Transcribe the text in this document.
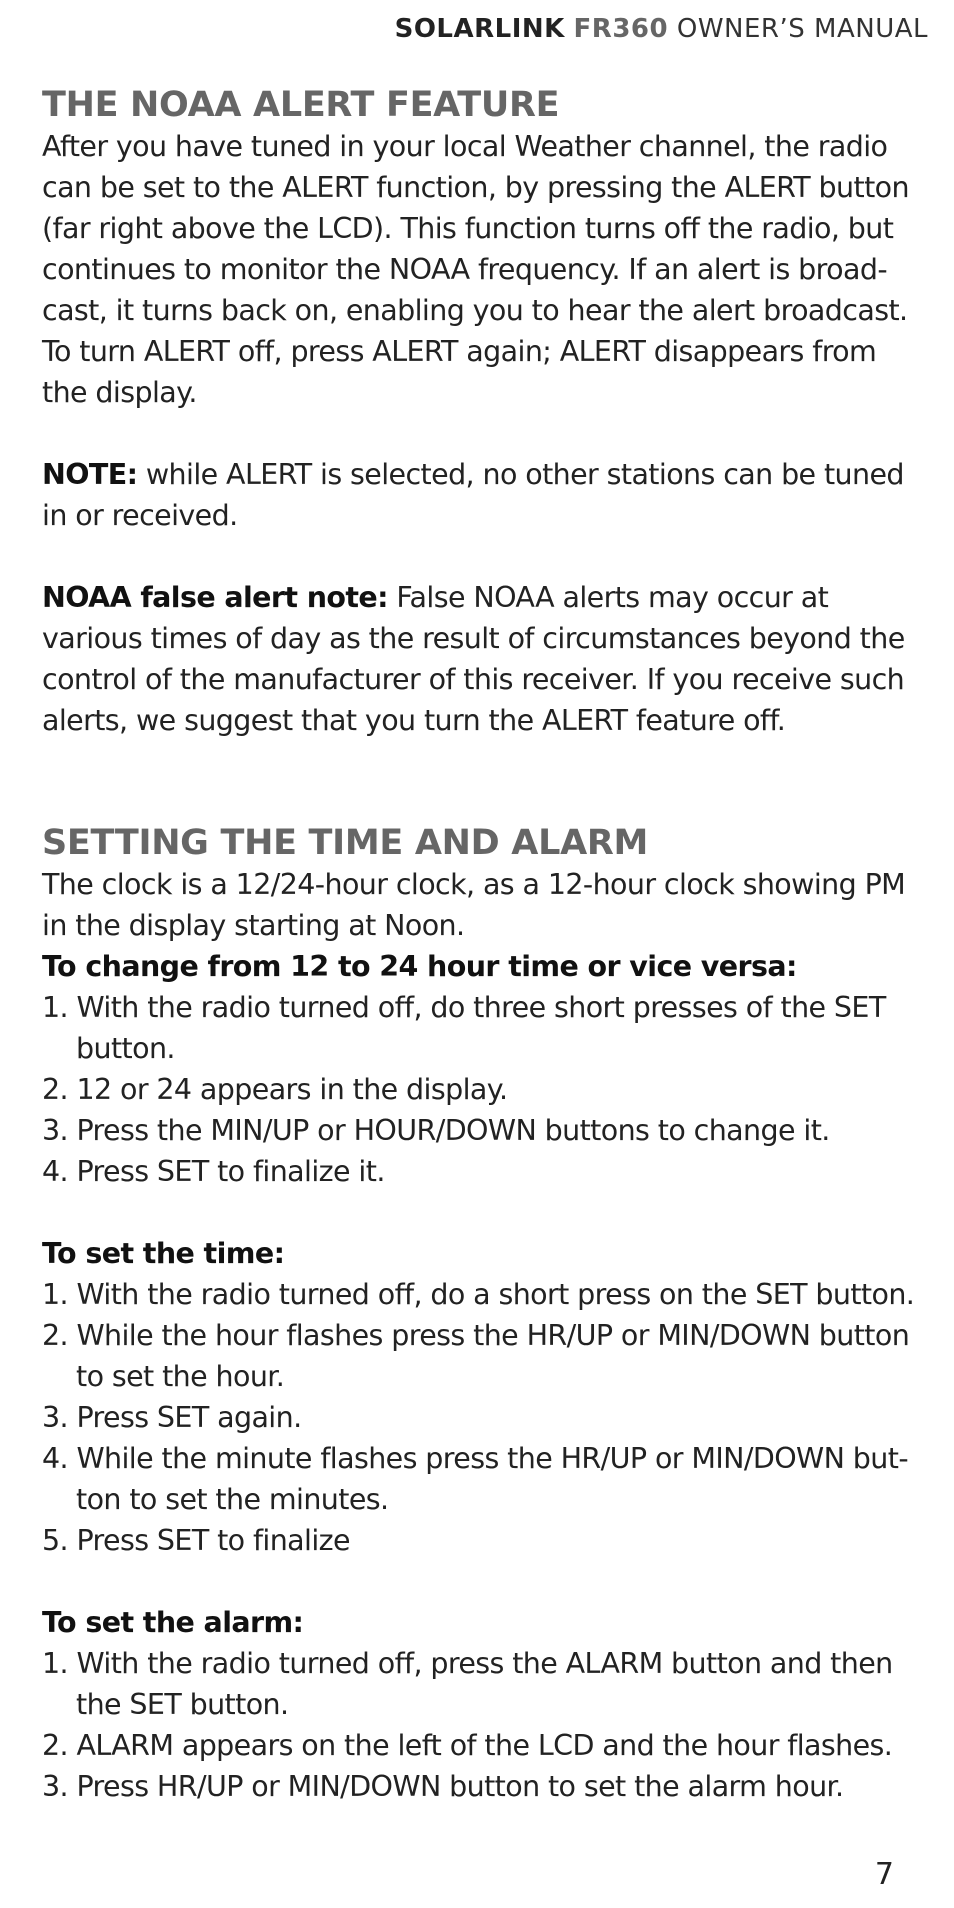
SOLARLINK FR360 OWNER’S MANUAL
THE NOAA ALERT FEATURE
After you have tuned in your local Weather channel, the radio
can be set to the ALERT function, by pressing the ALERT button
(far right above the LCD). This function turns off the radio, but
continues to monitor the NOAA frequency. If an alert is broad-
cast, it turns back on, enabling you to hear the alert broadcast.
To turn ALERT off, press ALERT again; ALERT disappears from
the display.
NOTE: while ALERT is selected, no other stations can be tuned
in or received.
NOAA false alert note: False NOAA alerts may occur at
various times of day as the result of circumstances beyond the
control of the manufacturer of this receiver. If you receive such
alerts, we suggest that you turn the ALERT feature off.
SETTING THE TIME AND ALARM
The clock is a 12/24-hour clock, as a 12-hour clock showing PM
in the display starting at Noon.
To change from 12 to 24 hour time or vice versa:
1. With the radio turned off, do three short presses of the SET button.
2. 12 or 24 appears in the display.
3. Press the MIN/UP or HOUR/DOWN buttons to change it.
4. Press SET to finalize it.
To set the time:
1. With the radio turned off, do a short press on the SET button.
2. While the hour flashes press the HR/UP or MIN/DOWN button to set the hour.
3. Press SET again.
4. While the minute flashes press the HR/UP or MIN/DOWN but- ton to set the minutes.
5. Press SET to finalize
To set the alarm:
1. With the radio turned off, press the ALARM button and then the SET button.
2. ALARM appears on the left of the LCD and the hour flashes.
3. Press HR/UP or MIN/DOWN button to set the alarm hour.
7
